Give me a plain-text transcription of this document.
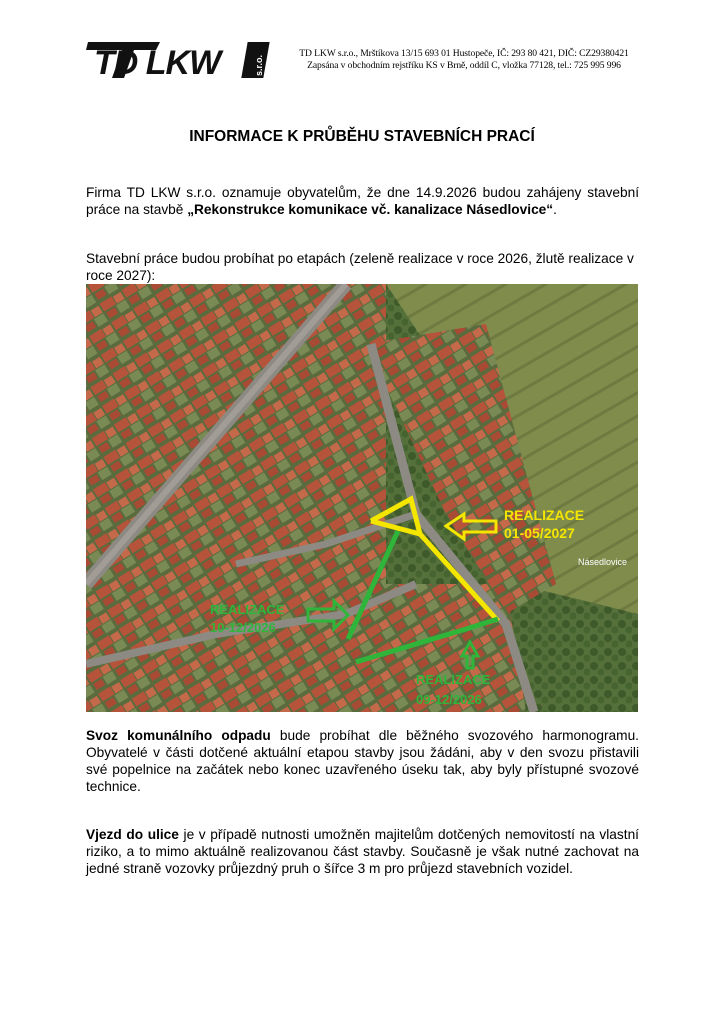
TD LKW	s.r.o.
TD LKW s.r.o., Mrštíkova 13/15 693 01 Hustopeče, IČ: 293 80 421, DIČ: CZ29380421
Zapsána v obchodním rejstříku KS v Brně, oddíl C, vložka 77128, tel.: 725 995 996
INFORMACE K PRŮBĚHU STAVEBNÍCH PRACÍ
Firma TD LKW s.r.o. oznamuje obyvatelům, že dne 14.9.2026 budou zahájeny stavební práce na stavbě „Rekonstrukce komunikace vč. kanalizace Násedlovice“.
Stavební práce budou probíhat po etapách (zeleně realizace v roce 2026, žlutě realizace v roce 2027):
REALIZACE
01-05/2027
Násedlovice
REALIZACE
10-12/2026
REALIZACE
09-12/2026
Svoz komunálního odpadu bude probíhat dle běžného svozového harmonogramu. Obyvatelé v části dotčené aktuální etapou stavby jsou žádáni, aby v den svozu přistavili své popelnice na začátek nebo konec uzavřeného úseku tak, aby byly přístupné svozové technice.
Vjezd do ulice je v případě nutnosti umožněn majitelům dotčených nemovitostí na vlastní riziko, a to mimo aktuálně realizovanou část stavby. Současně je však nutné zachovat na jedné straně vozovky průjezdný pruh o šířce 3 m pro průjezd stavebních vozidel.
